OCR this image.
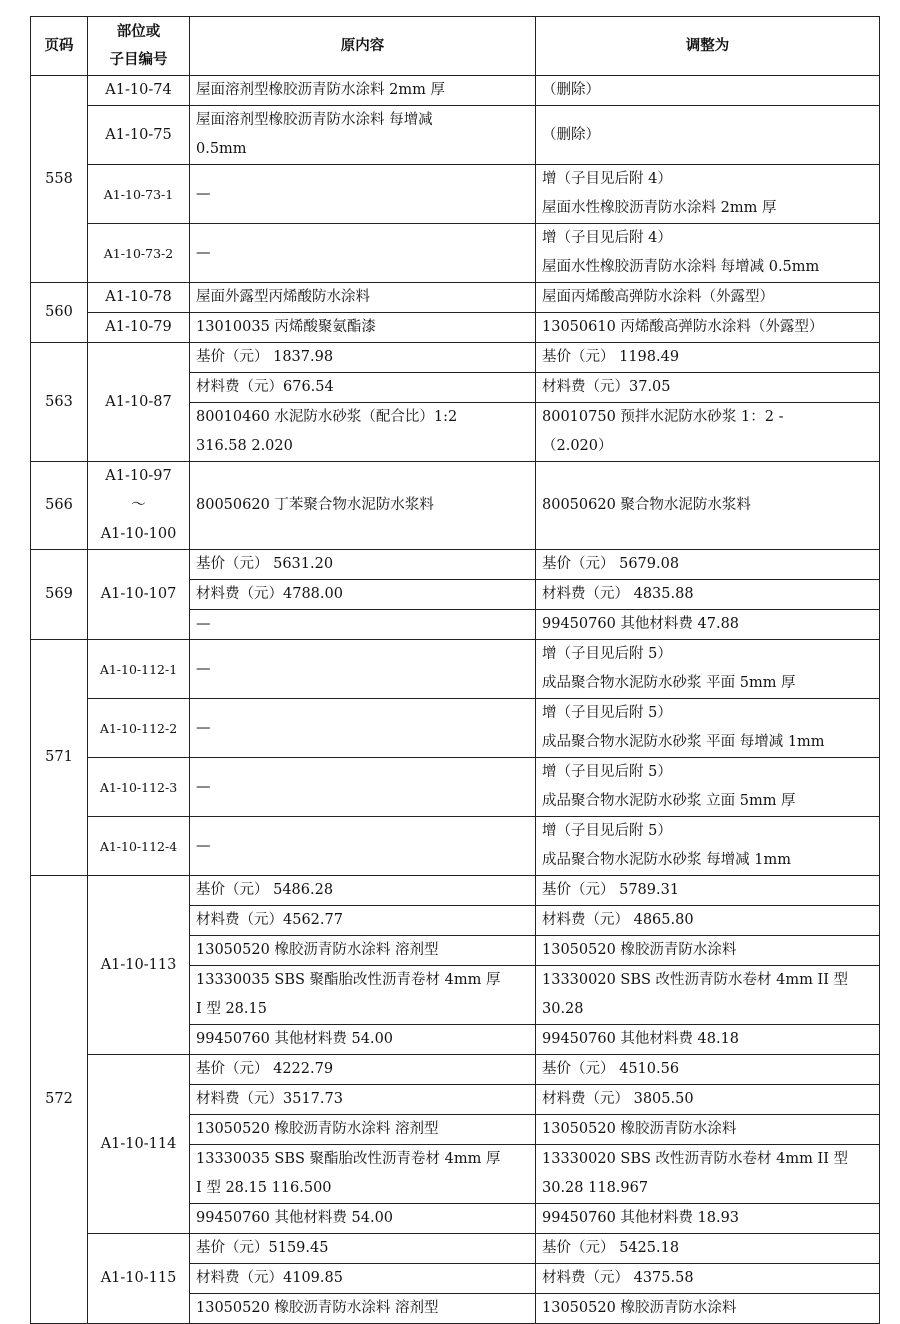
页码	部位或
子目编号	原内容	调整为
558	A1-10-74	屋面溶剂型橡胶沥青防水涂料 2mm 厚	（删除）

	A1-10-75	屋面溶剂型橡胶沥青防水涂料 每增减
0.5mm	（删除）

	A1-10-73-1	—	增（子目见后附 4）
屋面水性橡胶沥青防水涂料 2mm 厚

	A1-10-73-2	—	增（子目见后附 4）
屋面水性橡胶沥青防水涂料 每增减 0.5mm

560	A1-10-78	屋面外露型丙烯酸防水涂料	屋面丙烯酸高弹防水涂料（外露型）

	A1-10-79	13010035 丙烯酸聚氨酯漆	13050610 丙烯酸高弹防水涂料（外露型）

563	A1-10-87	基价（元） 1837.98	基价（元） 1198.49

		材料费（元）676.54	材料费（元）37.05

		80010460 水泥防水砂浆（配合比）1:2
316.58 2.020	80010750 预拌水泥防水砂浆 1：2 -
（2.020）

566	A1-10-97
～
A1-10-100	80050620 丁苯聚合物水泥防水浆料	80050620 聚合物水泥防水浆料

569	A1-10-107	基价（元） 5631.20	基价（元） 5679.08

		材料费（元）4788.00	材料费（元） 4835.88

		—	99450760 其他材料费 47.88

571	A1-10-112-1	—	增（子目见后附 5）
成品聚合物水泥防水砂浆 平面 5mm 厚

	A1-10-112-2	—	增（子目见后附 5）
成品聚合物水泥防水砂浆 平面 每增减 1mm

	A1-10-112-3	—	增（子目见后附 5）
成品聚合物水泥防水砂浆 立面 5mm 厚

	A1-10-112-4	—	增（子目见后附 5）
成品聚合物水泥防水砂浆 每增减 1mm

572	A1-10-113	基价（元） 5486.28	基价（元） 5789.31

		材料费（元）4562.77	材料费（元） 4865.80

		13050520 橡胶沥青防水涂料 溶剂型	13050520 橡胶沥青防水涂料

		13330035 SBS 聚酯胎改性沥青卷材 4mm 厚
I 型 28.15	13330020 SBS 改性沥青防水卷材 4mm II 型
30.28

		99450760 其他材料费 54.00	99450760 其他材料费 48.18

	A1-10-114	基价（元） 4222.79	基价（元） 4510.56

		材料费（元）3517.73	材料费（元） 3805.50

		13050520 橡胶沥青防水涂料 溶剂型	13050520 橡胶沥青防水涂料

		13330035 SBS 聚酯胎改性沥青卷材 4mm 厚
I 型 28.15 116.500	13330020 SBS 改性沥青防水卷材 4mm II 型
30.28 118.967

		99450760 其他材料费 54.00	99450760 其他材料费 18.93

	A1-10-115	基价（元）5159.45	基价（元） 5425.18

		材料费（元）4109.85	材料费（元） 4375.58

		13050520 橡胶沥青防水涂料 溶剂型	13050520 橡胶沥青防水涂料
